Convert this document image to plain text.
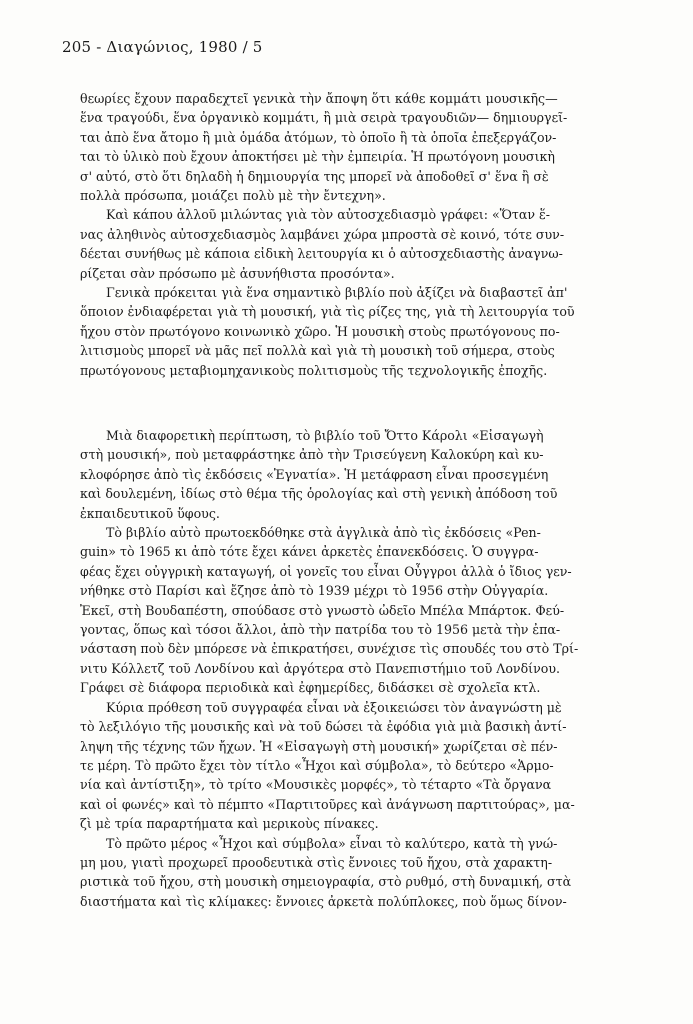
205 - Διαγώνιος, 1980 / 5

θεωρίες ἔχουν παραδεχτεῖ γενικὰ τὴν ἄποψη ὅτι κάθε κομμάτι μουσικῆς—
ἕνα τραγούδι, ἕνα ὀργανικὸ κομμάτι, ἢ μιὰ σειρὰ τραγουδιῶν— δημιουργεῖ-
ται ἀπὸ ἕνα ἄτομο ἢ μιὰ ὁμάδα ἀτόμων, τὸ ὁποῖο ἢ τὰ ὁποῖα ἐπεξεργάζον-
ται τὸ ὑλικὸ ποὺ ἔχουν ἀποκτήσει μὲ τὴν ἐμπειρία. Ἡ πρωτόγονη μουσικὴ
σ' αὐτό, στὸ ὅτι δηλαδὴ ἡ δημιουργία της μπορεῖ νὰ ἀποδοθεῖ σ' ἕνα ἢ σὲ
πολλὰ πρόσωπα, μοιάζει πολὺ μὲ τὴν ἔντεχνη».

Καὶ κάπου ἀλλοῦ μιλώντας γιὰ τὸν αὐτοσχεδιασμὸ γράφει: «Ὅταν ἕ-
νας ἀληθινὸς αὐτοσχεδιασμὸς λαμβάνει χώρα μπροστὰ σὲ κοινό, τότε συν-
δέεται συνήθως μὲ κάποια εἰδικὴ λειτουργία κι ὁ αὐτοσχεδιαστὴς ἀναγνω-
ρίζεται σὰν πρόσωπο μὲ ἀσυνήθιστα προσόντα».

Γενικὰ πρόκειται γιὰ ἕνα σημαντικὸ βιβλίο ποὺ ἀξίζει νὰ διαβαστεῖ ἀπ'
ὅποιον ἐνδιαφέρεται γιὰ τὴ μουσική, γιὰ τὶς ρίζες της, γιὰ τὴ λειτουργία τοῦ
ἤχου στὸν πρωτόγονο κοινωνικὸ χῶρο. Ἡ μουσικὴ στοὺς πρωτόγονους πο-
λιτισμοὺς μπορεῖ νὰ μᾶς πεῖ πολλὰ καὶ γιὰ τὴ μουσικὴ τοῦ σήμερα, στοὺς
πρωτόγονους μεταβιομηχανικοὺς πολιτισμοὺς τῆς τεχνολογικῆς ἐποχῆς.

Μιὰ διαφορετικὴ περίπτωση, τὸ βιβλίο τοῦ Ὄττο Κάρολι «Εἰσαγωγὴ
στὴ μουσική», ποὺ μεταφράστηκε ἀπὸ τὴν Τρισεύγενη Καλοκύρη καὶ κυ-
κλοφόρησε ἀπὸ τὶς ἐκδόσεις «Ἐγνατία». Ἡ μετάφραση εἶναι προσεγμένη
καὶ δουλεμένη, ἰδίως στὸ θέμα τῆς ὁρολογίας καὶ στὴ γενικὴ ἀπόδοση τοῦ
ἐκπαιδευτικοῦ ὕφους.

Τὸ βιβλίο αὐτὸ πρωτοεκδόθηκε στὰ ἀγγλικὰ ἀπὸ τὶς ἐκδόσεις «Pen-
guin» τὸ 1965 κι ἀπὸ τότε ἔχει κάνει ἀρκετὲς ἐπανεκδόσεις. Ὁ συγγρα-
φέας ἔχει οὐγγρικὴ καταγωγή, οἱ γονεῖς του εἶναι Οὖγγροι ἀλλὰ ὁ ἴδιος γεν-
νήθηκε στὸ Παρίσι καὶ ἔζησε ἀπὸ τὸ 1939 μέχρι τὸ 1956 στὴν Οὐγγαρία.
Ἐκεῖ, στὴ Βουδαπέστη, σπούδασε στὸ γνωστὸ ὠδεῖο Μπέλα Μπάρτοκ. Φεύ-
γοντας, ὅπως καὶ τόσοι ἄλλοι, ἀπὸ τὴν πατρίδα του τὸ 1956 μετὰ τὴν ἐπα-
νάσταση ποὺ δὲν μπόρεσε νὰ ἐπικρατήσει, συνέχισε τὶς σπουδές του στὸ Τρί-
νιτυ Κόλλετζ τοῦ Λονδίνου καὶ ἀργότερα στὸ Πανεπιστήμιο τοῦ Λονδίνου.
Γράφει σὲ διάφορα περιοδικὰ καὶ ἐφημερίδες, διδάσκει σὲ σχολεῖα κτλ.

Κύρια πρόθεση τοῦ συγγραφέα εἶναι νὰ ἐξοικειώσει τὸν ἀναγνώστη μὲ
τὸ λεξιλόγιο τῆς μουσικῆς καὶ νὰ τοῦ δώσει τὰ ἐφόδια γιὰ μιὰ βασικὴ ἀντί-
ληψη τῆς τέχνης τῶν ἤχων. Ἡ «Εἰσαγωγὴ στὴ μουσική» χωρίζεται σὲ πέν-
τε μέρη. Τὸ πρῶτο ἔχει τὸν τίτλο «Ἦχοι καὶ σύμβολα», τὸ δεύτερο «Ἁρμο-
νία καὶ ἀντίστιξη», τὸ τρίτο «Μουσικὲς μορφές», τὸ τέταρτο «Τὰ ὄργανα
καὶ οἱ φωνές» καὶ τὸ πέμπτο «Παρτιτοῦρες καὶ ἀνάγνωση παρτιτούρας», μα-
ζὶ μὲ τρία παραρτήματα καὶ μερικοὺς πίνακες.

Τὸ πρῶτο μέρος «Ἦχοι καὶ σύμβολα» εἶναι τὸ καλύτερο, κατὰ τὴ γνώ-
μη μου, γιατὶ προχωρεῖ προοδευτικὰ στὶς ἔννοιες τοῦ ἤχου, στὰ χαρακτη-
ριστικὰ τοῦ ἤχου, στὴ μουσικὴ σημειογραφία, στὸ ρυθμό, στὴ δυναμική, στὰ
διαστήματα καὶ τὶς κλίμακες: ἔννοιες ἀρκετὰ πολύπλοκες, ποὺ ὅμως δίνον-
